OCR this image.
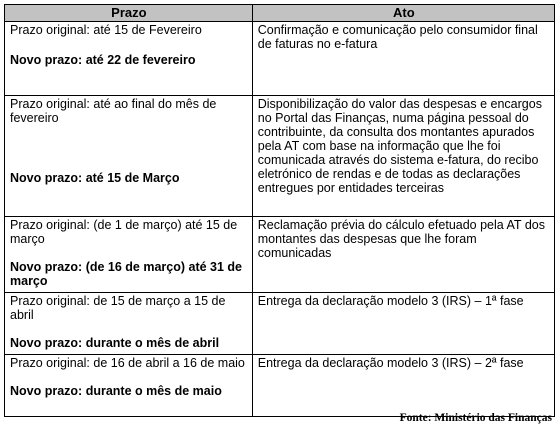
Prazo	Ato

Prazo original: até 15 de Fevereiro
Novo prazo: até 22 de fevereiro	Confirmação e comunicação pelo consumidor final de faturas no e-fatura

Prazo original: até ao final do mês de fevereiro
Novo prazo: até 15 de Março	Disponibilização do valor das despesas e encargos no Portal das Finanças, numa página pessoal do contribuinte, da consulta dos montantes apurados pela AT com base na informação que lhe foi comunicada através do sistema e-fatura, do recibo eletrónico de rendas e de todas as declarações entregues por entidades terceiras

Prazo original: (de 1 de março) até 15 de março
Novo prazo: (de 16 de março) até 31 de março	Reclamação prévia do cálculo efetuado pela AT dos montantes das despesas que lhe foram comunicadas

Prazo original: de 15 de março a 15 de abril
Novo prazo: durante o mês de abril	Entrega da declaração modelo 3 (IRS) – 1ª fase

Prazo original: de 16 de abril a 16 de maio
Novo prazo: durante o mês de maio	Entrega da declaração modelo 3 (IRS) – 2ª fase
Fonte: Ministério das Finanças
